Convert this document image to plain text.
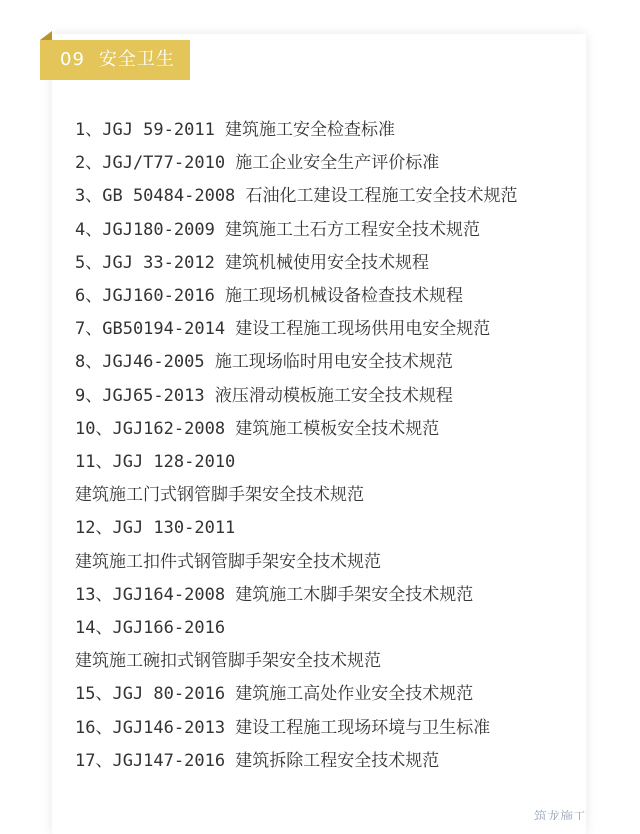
09 安全卫生
1、JGJ 59-2011 建筑施工安全检查标准
2、JGJ/T77-2010 施工企业安全生产评价标准
3、GB 50484-2008 石油化工建设工程施工安全技术规范
4、JGJ180-2009 建筑施工土石方工程安全技术规范
5、JGJ 33-2012 建筑机械使用安全技术规程
6、JGJ160-2016 施工现场机械设备检查技术规程
7、GB50194-2014 建设工程施工现场供用电安全规范
8、JGJ46-2005 施工现场临时用电安全技术规范
9、JGJ65-2013 液压滑动模板施工安全技术规程
10、JGJ162-2008 建筑施工模板安全技术规范
11、JGJ 128-2010
建筑施工门式钢管脚手架安全技术规范
12、JGJ 130-2011
建筑施工扣件式钢管脚手架安全技术规范
13、JGJ164-2008 建筑施工木脚手架安全技术规范
14、JGJ166-2016
建筑施工碗扣式钢管脚手架安全技术规范
15、JGJ 80-2016 建筑施工高处作业安全技术规范
16、JGJ146-2013 建设工程施工现场环境与卫生标准
17、JGJ147-2016 建筑拆除工程安全技术规范
筑龙施工
